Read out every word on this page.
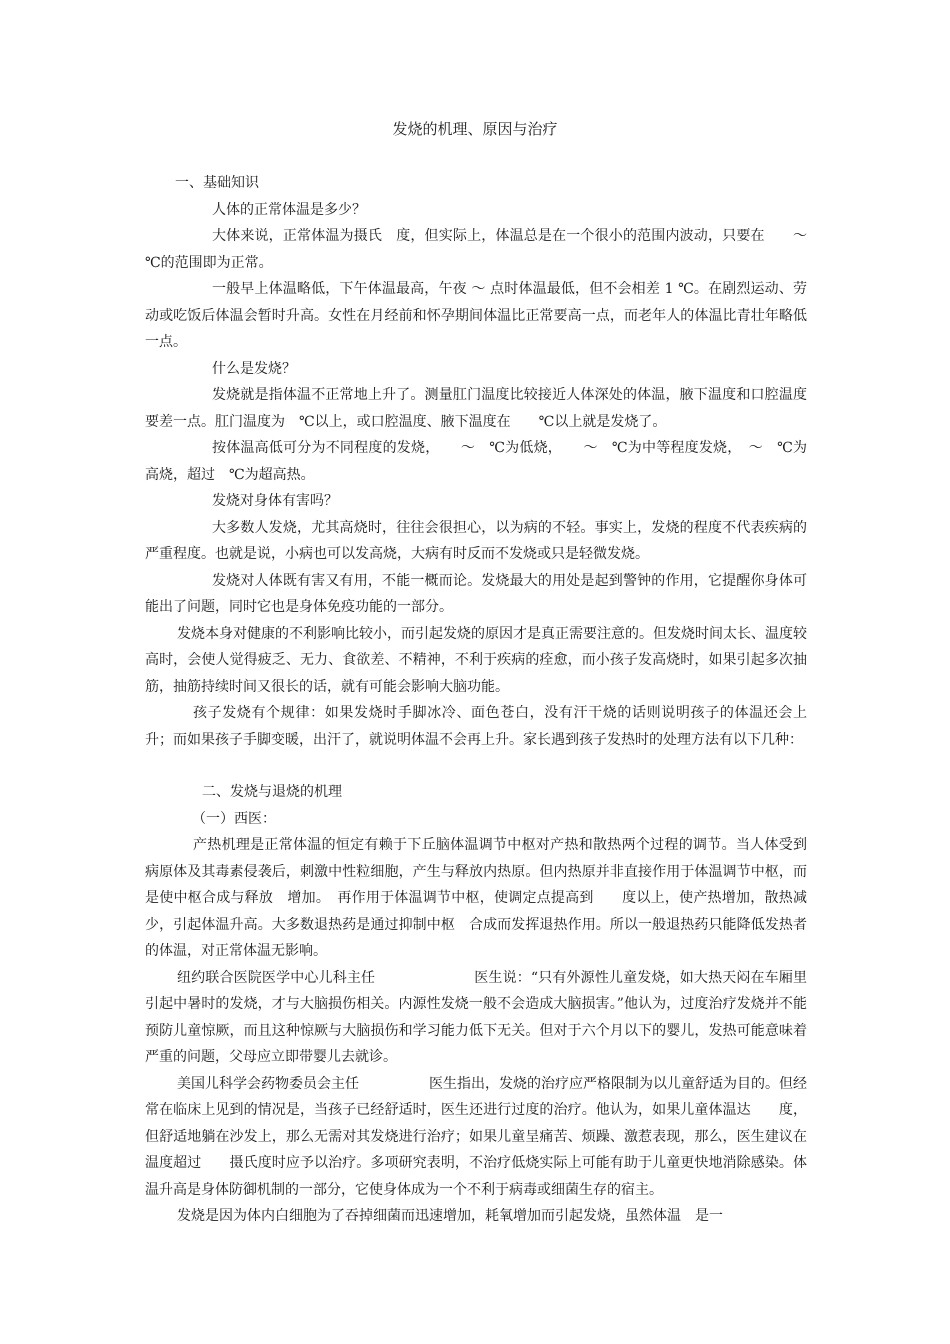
发烧的机理、原因与治疗

一、基础知识

人体的正常体温是多少？

大体来说，正常体温为摄氏　度，但实际上，体温总是在一个很小的范围内波动，只要在　　～　　℃的范围即为正常。

一般早上体温略低，下午体温最高，午夜 ～ 点时体温最低，但不会相差 1 ℃。在剧烈运动、劳动或吃饭后体温会暂时升高。女性在月经前和怀孕期间体温比正常要高一点，而老年人的体温比青壮年略低一点。

什么是发烧？

发烧就是指体温不正常地上升了。测量肛门温度比较接近人体深处的体温，腋下温度和口腔温度要差一点。肛门温度为　℃以上，或口腔温度、腋下温度在　　℃以上就是发烧了。

按体温高低可分为不同程度的发烧，　　～　℃为低烧，　　～　℃为中等程度发烧，　～　℃为高烧，超过　℃为超高热。

发烧对身体有害吗？

大多数人发烧，尤其高烧时，往往会很担心，以为病的不轻。事实上，发烧的程度不代表疾病的严重程度。也就是说，小病也可以发高烧，大病有时反而不发烧或只是轻微发烧。

发烧对人体既有害又有用，不能一概而论。发烧最大的用处是起到警钟的作用，它提醒你身体可能出了问题，同时它也是身体免疫功能的一部分。

发烧本身对健康的不利影响比较小，而引起发烧的原因才是真正需要注意的。但发烧时间太长、温度较高时，会使人觉得疲乏、无力、食欲差、不精神，不利于疾病的痊愈，而小孩子发高烧时，如果引起多次抽筋，抽筋持续时间又很长的话，就有可能会影响大脑功能。

孩子发烧有个规律：如果发烧时手脚冰冷、面色苍白，没有汗干烧的话则说明孩子的体温还会上升；而如果孩子手脚变暖，出汗了，就说明体温不会再上升。家长遇到孩子发热时的处理方法有以下几种：

二、发烧与退烧的机理

（一）西医：

产热机理是正常体温的恒定有赖于下丘脑体温调节中枢对产热和散热两个过程的调节。当人体受到病原体及其毒素侵袭后，刺激中性粒细胞，产生与释放内热原。但内热原并非直接作用于体温调节中枢，而是使中枢合成与释放　增加。　再作用于体温调节中枢，使调定点提高到　　度以上，使产热增加，散热减少，引起体温升高。大多数退热药是通过抑制中枢　合成而发挥退热作用。所以一般退热药只能降低发热者的体温，对正常体温无影响。

纽约联合医院医学中心儿科主任　　　　　　　医生说：“只有外源性儿童发烧，如大热天闷在车厢里引起中暑时的发烧，才与大脑损伤相关。内源性发烧一般不会造成大脑损害。”他认为，过度治疗发烧并不能预防儿童惊厥，而且这种惊厥与大脑损伤和学习能力低下无关。但对于六个月以下的婴儿，发热可能意味着严重的问题，父母应立即带婴儿去就诊。

美国儿科学会药物委员会主任　　　　　医生指出，发烧的治疗应严格限制为以儿童舒适为目的。但经常在临床上见到的情况是，当孩子已经舒适时，医生还进行过度的治疗。他认为，如果儿童体温达　　度，但舒适地躺在沙发上，那么无需对其发烧进行治疗；如果儿童呈痛苦、烦躁、激惹表现，那么，医生建议在温度超过　　摄氏度时应予以治疗。多项研究表明，不治疗低烧实际上可能有助于儿童更快地消除感染。体温升高是身体防御机制的一部分，它使身体成为一个不利于病毒或细菌生存的宿主。

发烧是因为体内白细胞为了吞掉细菌而迅速增加，耗氧增加而引起发烧，虽然体温　是一
